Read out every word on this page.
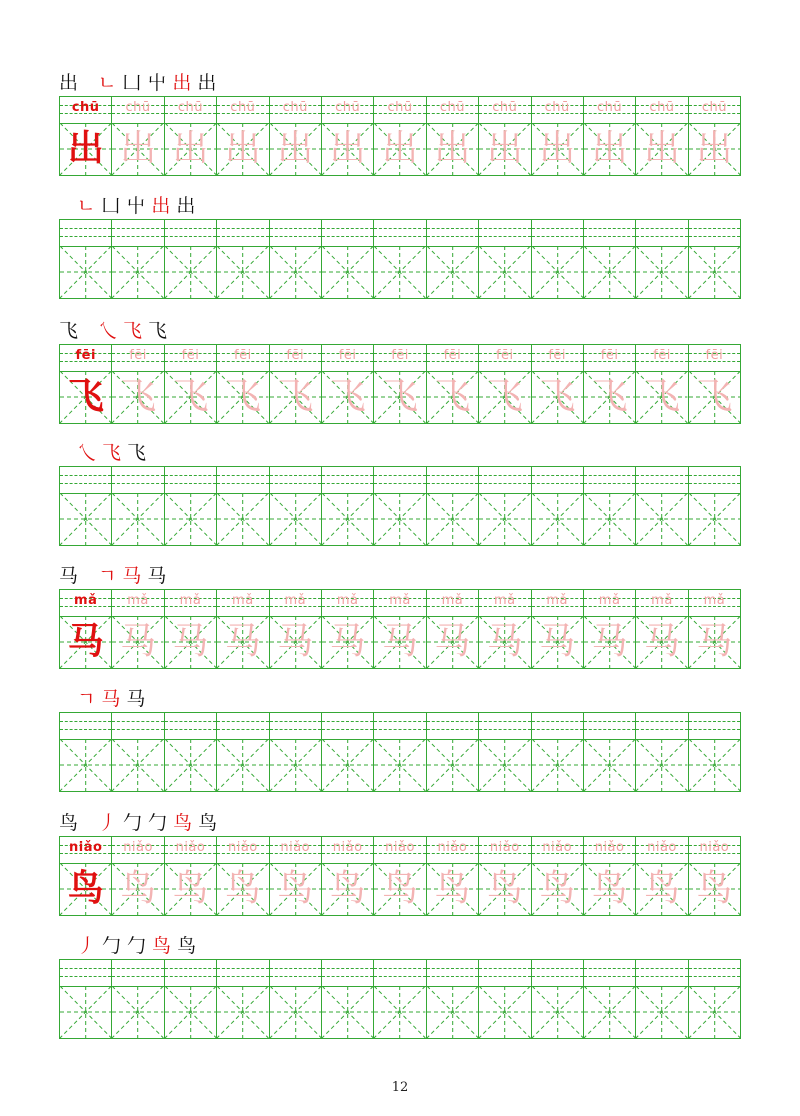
出 ㄴ 凵 屮 出 出
chū
出
chū
出
chū
出
chū
出
chū
出
chū
出
chū
出
chū
出
chū
出
chū
出
chū
出
chū
出
chū
出
ㄴ 凵 屮 出 出
飞 乀 飞 飞
fēi
飞
fēi
飞
fēi
飞
fēi
飞
fēi
飞
fēi
飞
fēi
飞
fēi
飞
fēi
飞
fēi
飞
fēi
飞
fēi
飞
fēi
飞
乀 飞 飞
马 ㄱ 马 马
mǎ
马
mǎ
马
mǎ
马
mǎ
马
mǎ
马
mǎ
马
mǎ
马
mǎ
马
mǎ
马
mǎ
马
mǎ
马
mǎ
马
mǎ
马
ㄱ 马 马
鸟 丿 勹 勹 鸟 鸟
niǎo
鸟
niǎo
鸟
niǎo
鸟
niǎo
鸟
niǎo
鸟
niǎo
鸟
niǎo
鸟
niǎo
鸟
niǎo
鸟
niǎo
鸟
niǎo
鸟
niǎo
鸟
niǎo
鸟
丿 勹 勹 鸟 鸟
12
